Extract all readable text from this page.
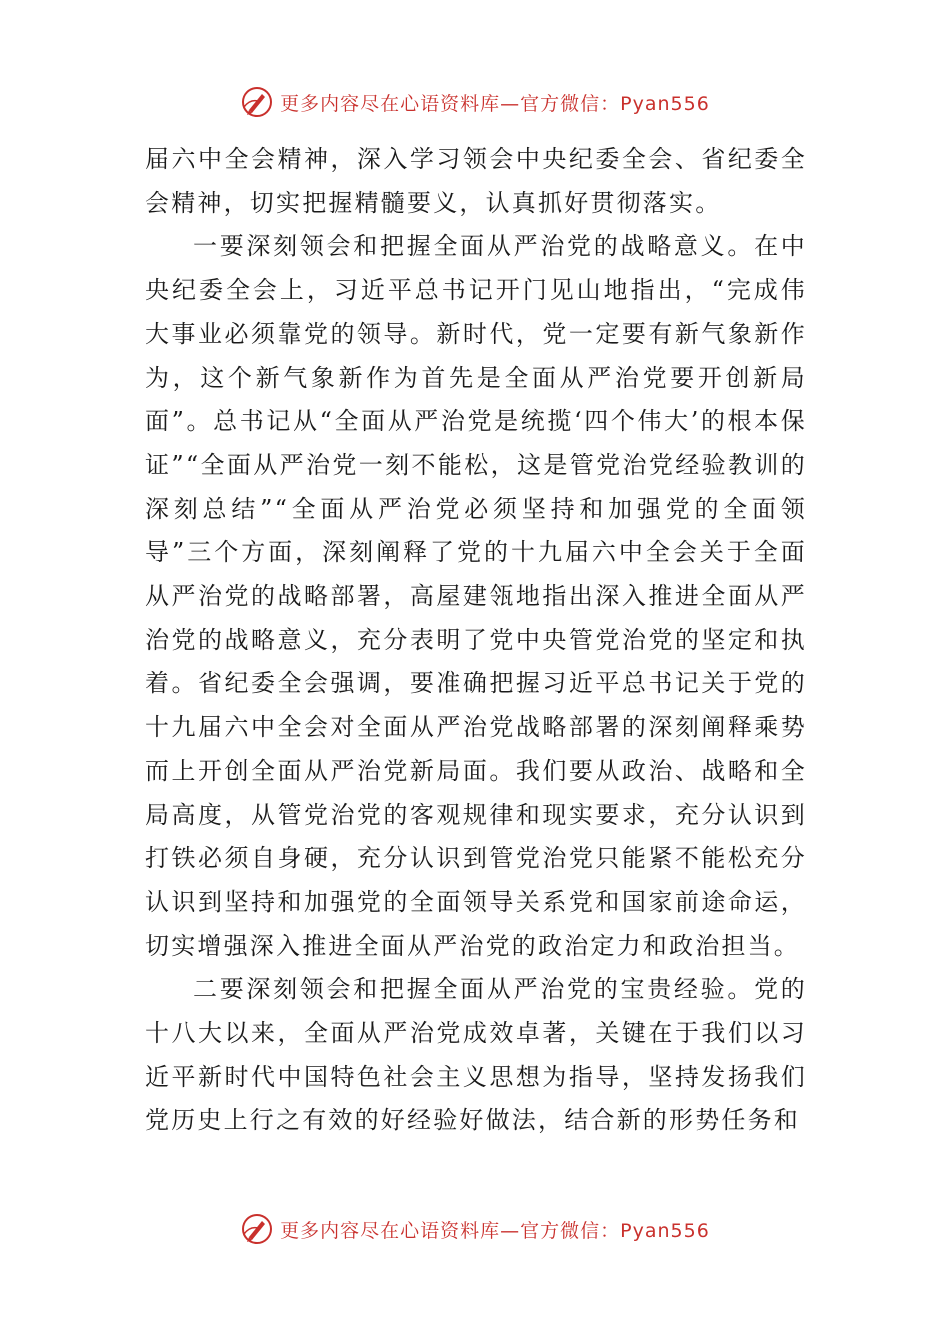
更多内容尽在心语资料库—官方微信：Pyan556

届六中全会精神，深入学习领会中央纪委全会、省纪委全会精神，切实把握精髓要义，认真抓好贯彻落实。

一要深刻领会和把握全面从严治党的战略意义。在中央纪委全会上，习近平总书记开门见山地指出，“完成伟大事业必须靠党的领导。新时代，党一定要有新气象新作为，这个新气象新作为首先是全面从严治党要开创新局面”。总书记从“全面从严治党是统揽‘四个伟大’的根本保证”“全面从严治党一刻不能松，这是管党治党经验教训的深刻总结”“全面从严治党必须坚持和加强党的全面领导”三个方面，深刻阐释了党的十九届六中全会关于全面从严治党的战略部署，高屋建瓴地指出深入推进全面从严治党的战略意义，充分表明了党中央管党治党的坚定和执着。省纪委全会强调，要准确把握习近平总书记关于党的十九届六中全会对全面从严治党战略部署的深刻阐释乘势而上开创全面从严治党新局面。我们要从政治、战略和全局高度，从管党治党的客观规律和现实要求，充分认识到打铁必须自身硬，充分认识到管党治党只能紧不能松充分认识到坚持和加强党的全面领导关系党和国家前途命运，切实增强深入推进全面从严治党的政治定力和政治担当。

二要深刻领会和把握全面从严治党的宝贵经验。党的十八大以来，全面从严治党成效卓著，关键在于我们以习近平新时代中国特色社会主义思想为指导，坚持发扬我们党历史上行之有效的好经验好做法，结合新的形势任务和

更多内容尽在心语资料库—官方微信：Pyan556
